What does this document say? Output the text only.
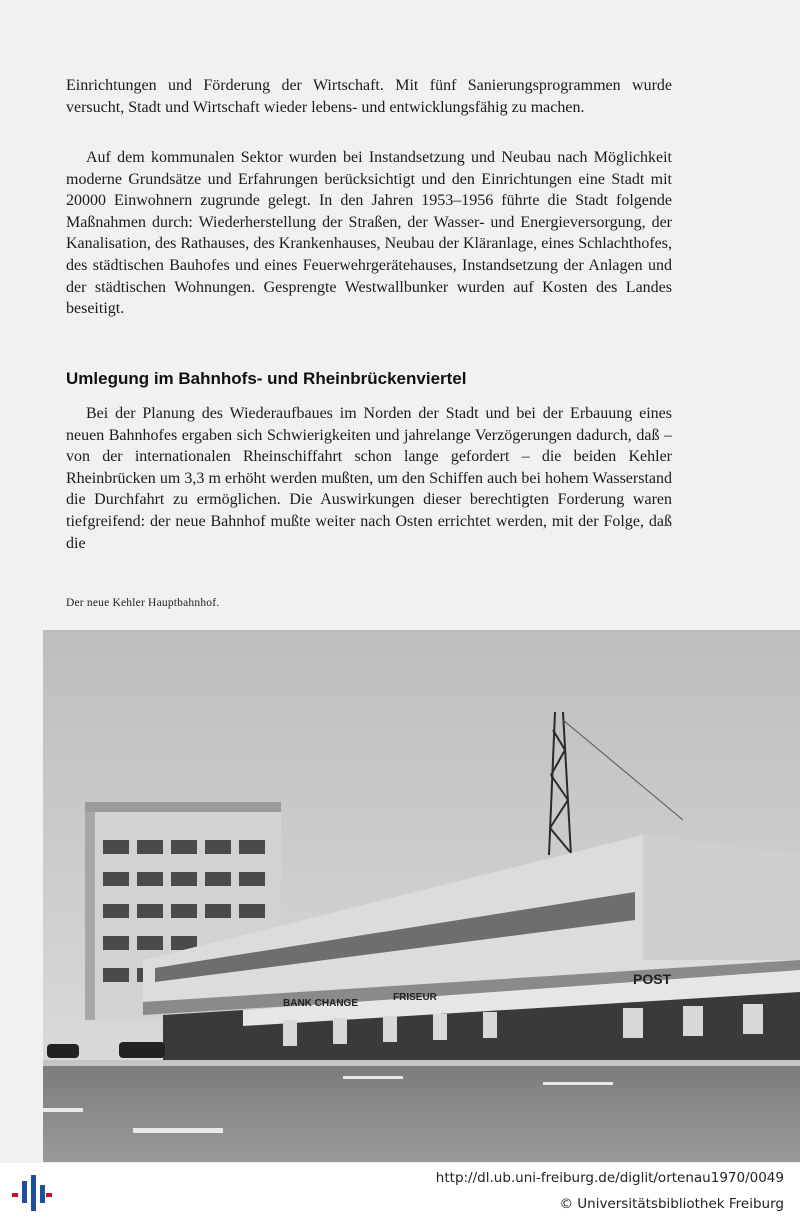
Einrichtungen und Förderung der Wirtschaft. Mit fünf Sanierungsprogrammen wurde versucht, Stadt und Wirtschaft wieder lebens- und entwicklungsfähig zu machen.

Auf dem kommunalen Sektor wurden bei Instandsetzung und Neubau nach Möglichkeit moderne Grundsätze und Erfahrungen berücksichtigt und den Einrichtungen eine Stadt mit 20000 Einwohnern zugrunde gelegt. In den Jahren 1953–1956 führte die Stadt folgende Maßnahmen durch: Wiederherstellung der Straßen, der Wasser- und Energieversorgung, der Kanalisation, des Rathauses, des Krankenhauses, Neubau der Kläranlage, eines Schlachthofes, des städtischen Bauhofes und eines Feuerwehrgerätehauses, Instandsetzung der Anlagen und der städtischen Wohnungen. Gesprengte Westwallbunker wurden auf Kosten des Landes beseitigt.

Umlegung im Bahnhofs- und Rheinbrückenviertel

Bei der Planung des Wiederaufbaues im Norden der Stadt und bei der Erbauung eines neuen Bahnhofes ergaben sich Schwierigkeiten und jahrelange Verzögerungen dadurch, daß – von der internationalen Rheinschiffahrt schon lange gefordert – die beiden Kehler Rheinbrücken um 3,3 m erhöht werden mußten, um den Schiffen auch bei hohem Wasserstand die Durchfahrt zu ermöglichen. Die Auswirkungen dieser berechtigten Forderung waren tiefgreifend: der neue Bahnhof mußte weiter nach Osten errichtet werden, mit der Folge, daß die

Der neue Kehler Hauptbahnhof.
POST
BANK CHANGE
FRISEUR
http://dl.ub.uni-freiburg.de/diglit/ortenau1970/0049
© Universitätsbibliothek Freiburg
